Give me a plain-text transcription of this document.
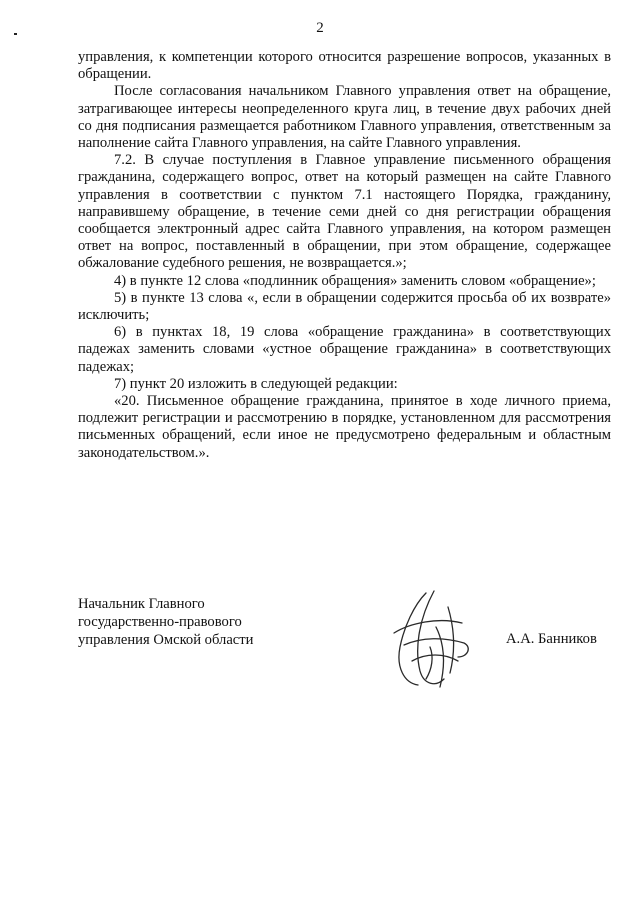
2

управления, к компетенции которого относится разрешение вопросов, указанных в обращении.

После согласования начальником Главного управления ответ на обращение, затрагивающее интересы неопределенного круга лиц, в течение двух рабочих дней со дня подписания размещается работником Главного управления, ответственным за наполнение сайта Главного управления, на сайте Главного управления.

7.2. В случае поступления в Главное управление письменного обращения гражданина, содержащего вопрос, ответ на который размещен на сайте Главного управления в соответствии с пунктом 7.1 настоящего Порядка, гражданину, направившему обращение, в течение семи дней со дня регистрации обращения сообщается электронный адрес сайта Главного управления, на котором размещен ответ на вопрос, поставленный в обращении, при этом обращение, содержащее обжалование судебного решения, не возвращается.»;

4) в пункте 12 слова «подлинник обращения» заменить словом «обращение»;

5) в пункте 13 слова «, если в обращении содержится просьба об их возврате» исключить;

6) в пунктах 18, 19 слова «обращение гражданина» в соответствующих падежах заменить словами «устное обращение гражданина» в соответствующих падежах;

7) пункт 20 изложить в следующей редакции:

«20. Письменное обращение гражданина, принятое в ходе личного приема, подлежит регистрации и рассмотрению в порядке, установленном для рассмотрения письменных обращений, если иное не предусмотрено федеральным и областным законодательством.».

Начальник Главного
государственно-правового
управления Омской области	А.А. Банников
